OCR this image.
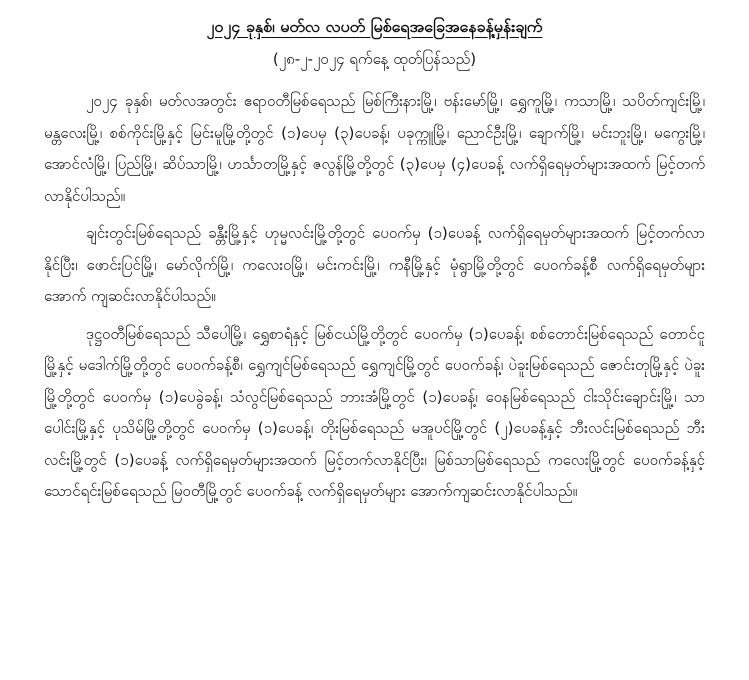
၂၀၂၄ ခုနှစ်၊ မတ်လ လပတ် မြစ်ရေအခြေအနေခန့်မှန်းချက်
(၂၈-၂-၂၀၂၄ ရက်နေ့ ထုတ်ပြန်သည်)

၂၀၂၄ ခုနှစ်၊ မတ်လအတွင်း ဧရာဝတီမြစ်ရေသည် မြစ်ကြီးနားမြို့၊ ဗန်းမော်မြို့၊ ရွှေကူမြို့၊ ကသာမြို့၊ သပိတ်ကျင်းမြို့၊ မန္တလေးမြို့၊ စစ်ကိုင်းမြို့နှင့် မြင်းမူမြို့တို့တွင် (၁)ပေမှ (၃)ပေခန့်၊ ပခုက္ကူမြို့၊ ညောင်ဦးမြို့၊ ချောက်မြို့၊ မင်းဘူးမြို့၊ မကွေးမြို့၊ အောင်လံမြို့၊ ပြည်မြို့၊ ဆိပ်သာမြို့၊ ဟင်္သာတမြို့နှင့် ဇလွန်မြို့တို့တွင် (၃)ပေမှ (၄)ပေခန့် လက်ရှိရေမှတ်များအထက် မြင့်တက်လာနိုင်ပါသည်။

ချင်းတွင်းမြစ်ရေသည် ခန္တီးမြို့နှင့် ဟုမ္မလင်းမြို့တို့တွင် ပေဝက်မှ (၁)ပေခန့် လက်ရှိရေမှတ်များအထက် မြင့်တက်လာနိုင်ပြီး၊ ဖောင်းပြင်မြို့၊ မော်လိုက်မြို့၊ ကလေးဝမြို့၊ မင်းကင်းမြို့၊ ကနီမြို့နှင့် မုံရွာမြို့တို့တွင် ပေဝက်ခန့်စီ လက်ရှိရေမှတ်များအောက် ကျဆင်းလာနိုင်ပါသည်။

ဒုဋ္ဌဝတီမြစ်ရေသည် သီပေါမြို့၊ ရွှေစာရံနှင့် မြစ်ငယ်မြို့တို့တွင် ပေဝက်မှ (၁)ပေခန့်၊ စစ်တောင်းမြစ်ရေသည် တောင်ငူမြို့နှင့် မဒေါက်မြို့တို့တွင် ပေဝက်ခန့်စီ၊ ရွှေကျင်မြစ်ရေသည် ရွှေကျင်မြို့တွင် ပေဝက်ခန့်၊ ပဲခူးမြစ်ရေသည် ဇောင်းတုမြို့နှင့် ပဲခူးမြို့တို့တွင် ပေဝက်မှ (၁)ပေခွဲခန့်၊ သံလွင်မြစ်ရေသည် ဘားအံမြို့တွင် (၁)ပေခန့်၊ ဝေနမြစ်ရေသည် ငါးသိုင်းချောင်းမြို့၊ သာပေါင်းမြို့နှင့် ပုသိမ်မြို့တို့တွင် ပေဝက်မှ (၁)ပေခန့်၊ တိုးမြစ်ရေသည် မအူပင်မြို့တွင် (၂)ပေခန့်နှင့် ဘီးလင်းမြစ်ရေသည် ဘီးလင်းမြို့တွင် (၁)ပေခန့် လက်ရှိရေမှတ်များအထက် မြင့်တက်လာနိုင်ပြီး၊ မြစ်သာမြစ်ရေသည် ကလေးမြို့တွင် ပေဝက်ခန့်နှင့် သောင်ရင်းမြစ်ရေသည် မြဝတီမြို့တွင် ပေဝက်ခန့် လက်ရှိရေမှတ်များ အောက်ကျဆင်းလာနိုင်ပါသည်။
